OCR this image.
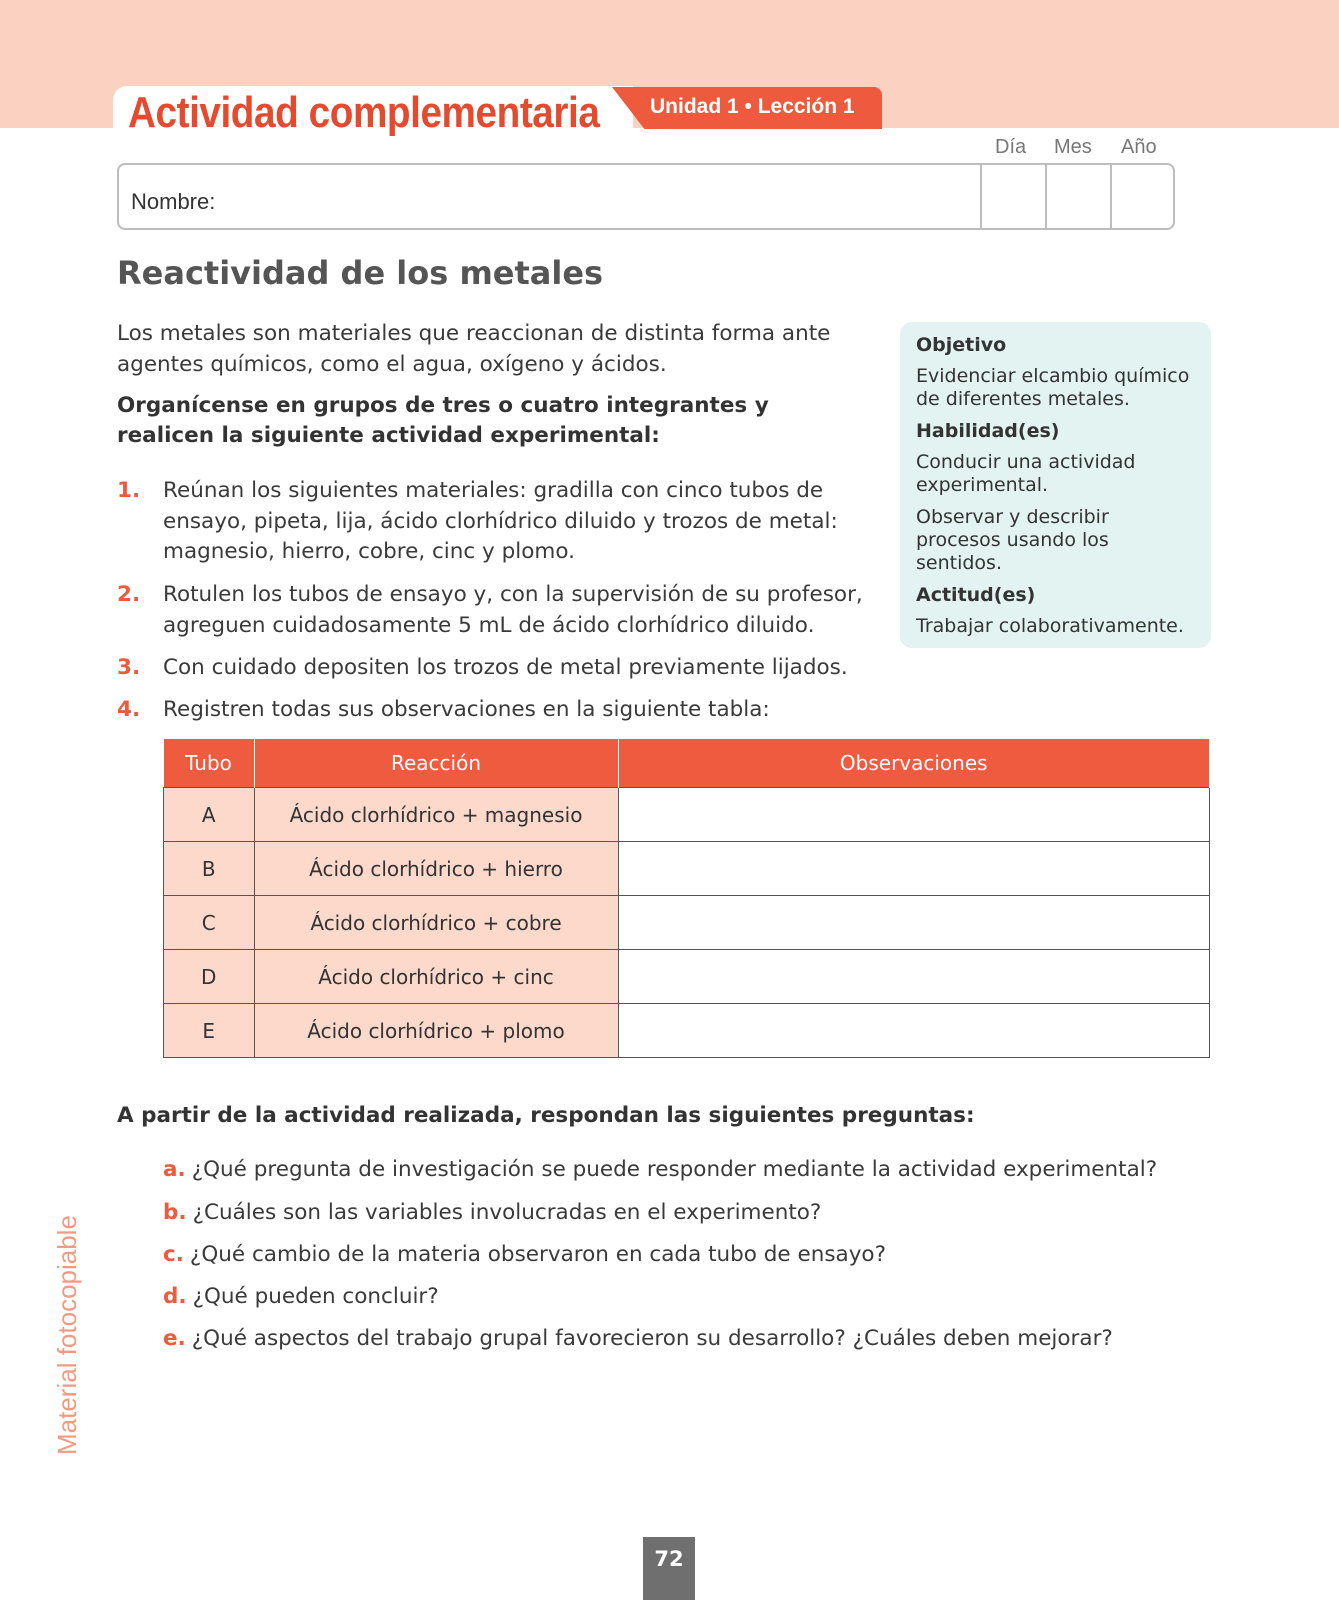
Actividad complementaria Unidad 1 • Lección 1
Día Mes Año
Nombre:
Reactividad de los metales

Los metales son materiales que reaccionan de distinta forma ante agentes químicos, como el agua, oxígeno y ácidos.

Organícense en grupos de tres o cuatro integrantes y realicen la siguiente actividad experimental:

1. Reúnan los siguientes materiales: gradilla con cinco tubos de ensayo, pipeta, lija, ácido clorhídrico diluido y trozos de metal: magnesio, hierro, cobre, cinc y plomo.
2. Rotulen los tubos de ensayo y, con la supervisión de su profesor, agreguen cuidadosamente 5 mL de ácido clorhídrico diluido.
3. Con cuidado depositen los trozos de metal previamente lijados.
4. Registren todas sus observaciones en la siguiente tabla:

Objetivo

Evidenciar elcambio químico de diferentes metales.

Habilidad(es)

Conducir una actividad experimental.

Observar y describir procesos usando los sentidos.

Actitud(es)

Trabajar colaborativamente.

Tubo	Reacción	Observaciones
A	Ácido clorhídrico + magnesio	
B	Ácido clorhídrico + hierro	
C	Ácido clorhídrico + cobre	
D	Ácido clorhídrico + cinc	
E	Ácido clorhídrico + plomo	

A partir de la actividad realizada, respondan las siguientes preguntas:

a. ¿Qué pregunta de investigación se puede responder mediante la actividad experimental?
b. ¿Cuáles son las variables involucradas en el experimento?
c. ¿Qué cambio de la materia observaron en cada tubo de ensayo?
d. ¿Qué pueden concluir?
e. ¿Qué aspectos del trabajo grupal favorecieron su desarrollo? ¿Cuáles deben mejorar?
Material fotocopiable
72
